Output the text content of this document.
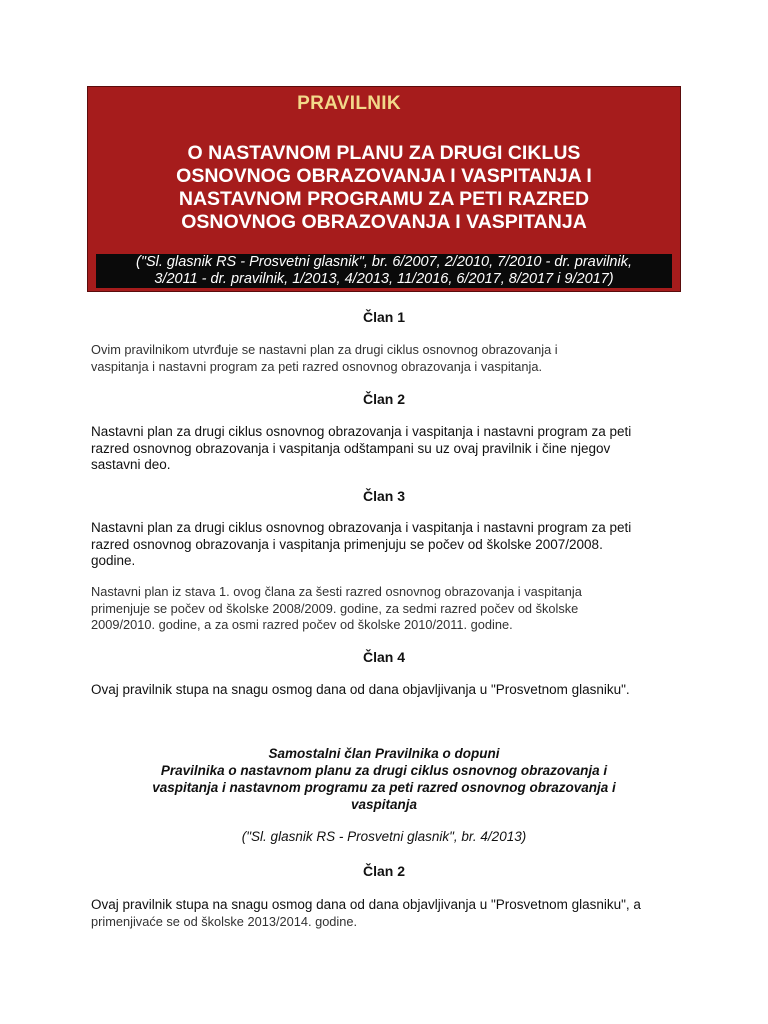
PRAVILNIK
O NASTAVNOM PLANU ZA DRUGI CIKLUS
OSNOVNOG OBRAZOVANJA I VASPITANJA I
NASTAVNOM PROGRAMU ZA PETI RAZRED
OSNOVNOG OBRAZOVANJA I VASPITANJA
("Sl. glasnik RS - Prosvetni glasnik", br. 6/2007, 2/2010, 7/2010 - dr. pravilnik,
3/2011 - dr. pravilnik, 1/2013, 4/2013, 11/2016, 6/2017, 8/2017 i 9/2017)
Član 1
Ovim pravilnikom utvrđuje se nastavni plan za drugi ciklus osnovnog obrazovanja i
vaspitanja i nastavni program za peti razred osnovnog obrazovanja i vaspitanja.
Član 2
Nastavni plan za drugi ciklus osnovnog obrazovanja i vaspitanja i nastavni program za peti
razred osnovnog obrazovanja i vaspitanja odštampani su uz ovaj pravilnik i čine njegov
sastavni deo.
Član 3
Nastavni plan za drugi ciklus osnovnog obrazovanja i vaspitanja i nastavni program za peti
razred osnovnog obrazovanja i vaspitanja primenjuju se počev od školske 2007/2008.
godine.
Nastavni plan iz stava 1. ovog člana za šesti razred osnovnog obrazovanja i vaspitanja
primenjuje se počev od školske 2008/2009. godine, za sedmi razred počev od školske
2009/2010. godine, a za osmi razred počev od školske 2010/2011. godine.
Član 4
Ovaj pravilnik stupa na snagu osmog dana od dana objavljivanja u "Prosvetnom glasniku".
Samostalni član Pravilnika o dopuni
Pravilnika o nastavnom planu za drugi ciklus osnovnog obrazovanja i
vaspitanja i nastavnom programu za peti razred osnovnog obrazovanja i
vaspitanja
("Sl. glasnik RS - Prosvetni glasnik", br. 4/2013)
Član 2
Ovaj pravilnik stupa na snagu osmog dana od dana objavljivanja u "Prosvetnom glasniku", a
primenjivaće se od školske 2013/2014. godine.
